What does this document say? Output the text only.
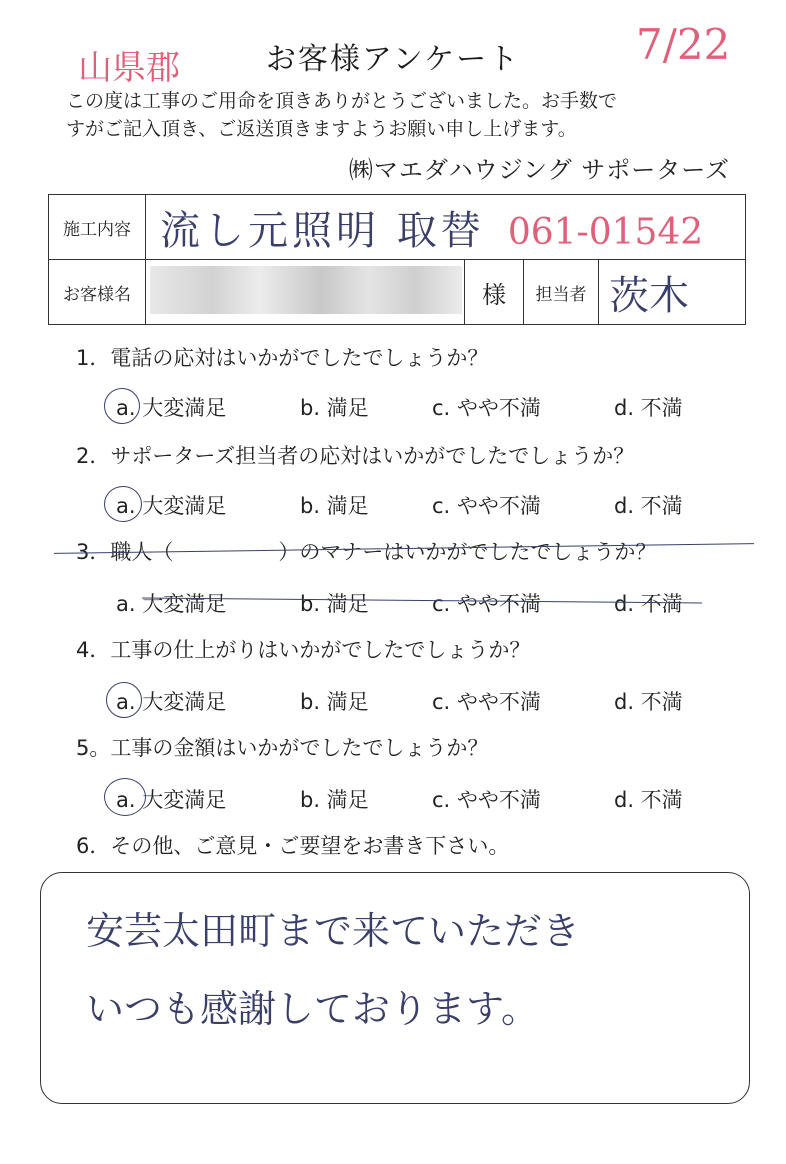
山県郡	7/22
お客様アンケート
この度は工事のご用命を頂きありがとうございました。お手数で
すがご記入頂き、ご返送頂きますようお願い申し上げます。
㈱マエダハウジング サポーターズ
施工内容	流し元照明 取替 061-01542			
お客様名		様	担当者	茨木
1．電話の応対はいかがでしたでしょうか？
a. 大変満足	b. 満足	c. やや不満	d. 不満
2．サポーターズ担当者の応対はいかがでしたでしょうか？
a. 大変満足	b. 満足	c. やや不満	d. 不満
3．職人（　　　　　）のマナーはいかがでしたでしょうか？
a. 大変満足	b. 満足	c. やや不満	d. 不満
4．工事の仕上がりはいかがでしたでしょうか？
a. 大変満足	b. 満足	c. やや不満	d. 不満
5。工事の金額はいかがでしたでしょうか？
a. 大変満足	b. 満足	c. やや不満	d. 不満
6．その他、ご意見・ご要望をお書き下さい。
安芸太田町まで来ていただき
いつも感謝しております。
